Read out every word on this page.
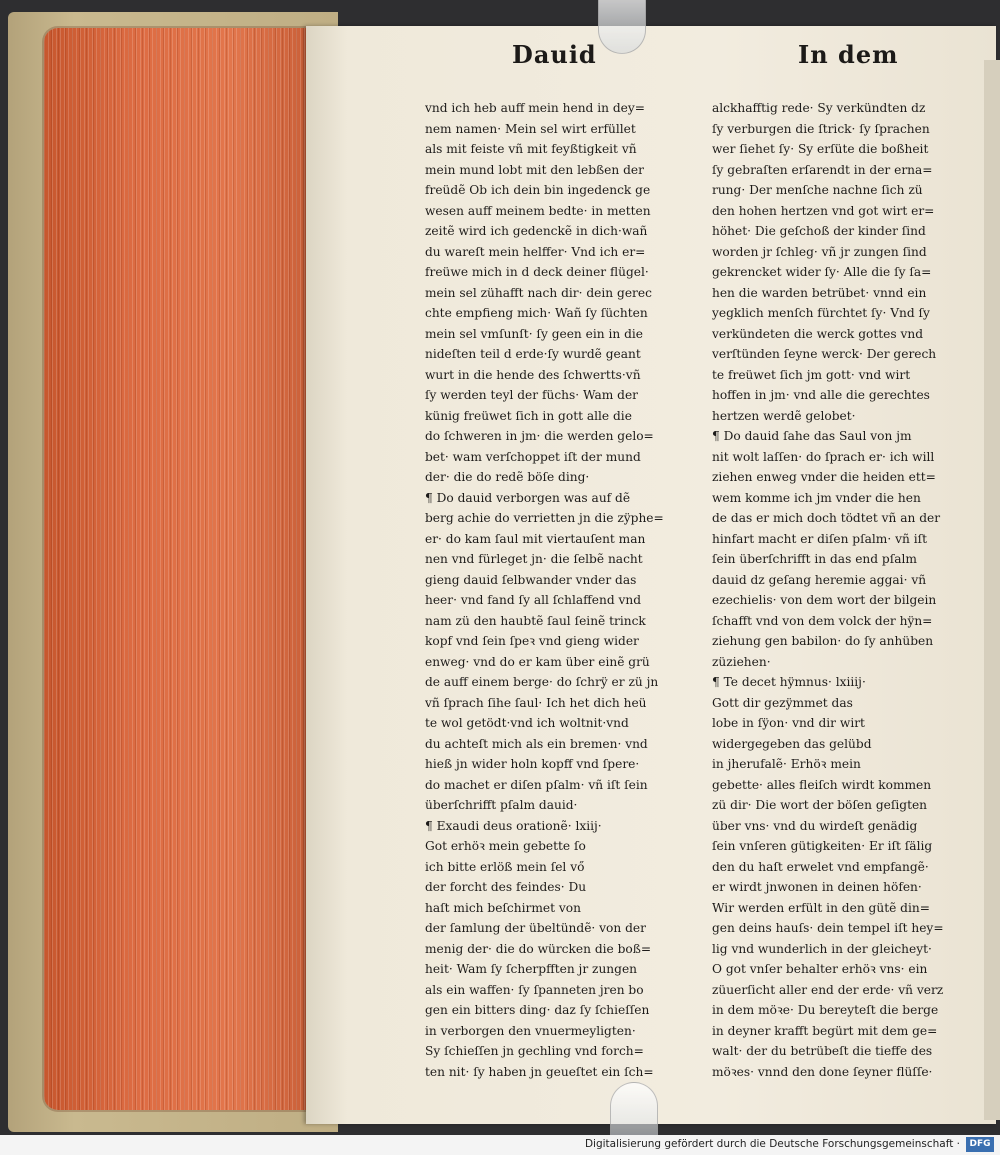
Dauid	In dem
vnd ich heb auff mein hend in dey=
nem namen· Mein sel wirt erfüllet
als mit feiste vñ mit feyßtigkeit vñ
mein mund lobt mit den lebßen der
freüdẽ Ob ich dein bin ingedenck ge
wesen auff meinem bedte· in metten
zeitẽ wird ich gedenckẽ in dich·wañ
du wareſt mein helffer· Vnd ich er=
freüwe mich in d deck deiner flügel·
mein sel zühafft nach dir· dein gerec
chte empfieng mich· Wañ ſy ſüchten
mein sel vmſunſt· ſy geen ein in die
nideſten teil d erde·ſy wurdẽ geant
wurt in die hende des ſchwertts·vñ
ſy werden teyl der füchs· Wam der
künig freüwet ſich in gott alle die
do ſchweren in jm· die werden gelo=
bet· wam verſchoppet iſt der mund
der· die do redẽ böſe ding·
¶ Do dauid verborgen was auf dẽ
berg achie do verrietten jn die zÿphe=
er· do kam ſaul mit viertauſent man
nen vnd fürleget jn· die ſelbẽ nacht
gieng dauid ſelbwander vnder das
heer· vnd fand ſy all ſchlaffend vnd
nam zü den haubtẽ ſaul ſeinẽ trinck
kopf vnd ſein ſpeꝛ vnd gieng wider
enweg· vnd do er kam über einẽ grü
de auff einem berge· do ſchrÿ er zü jn
vñ ſprach ſihe ſaul· Ich het dich heü
te wol getödt·vnd ich woltnit·vnd
du achteſt mich als ein bremen· vnd
hieß jn wider holn kopff vnd ſpere·
do machet er diſen pſalm· vñ iſt ſein
überſchrifft pſalm dauid·
¶ Exaudi deus orationẽ· lxiij·
Got erhöꝛ mein gebette ſo
ich bitte erlöß mein ſel vő
der forcht des feindes· Du
haſt mich beſchirmet von
der ſamlung der übeltündẽ· von der
menig der· die do würcken die boß=
heit· Wam ſy ſcherpfften jr zungen
als ein waffen· ſy ſpanneten jren bo
gen ein bitters ding· daz ſy ſchieſſen
in verborgen den vnuermeyligten·
Sy ſchieſſen jn gechling vnd forch=
ten nit· ſy haben jn geueſtet ein ſch=
alckhafftig rede· Sy verkündten dz
ſy verburgen die ſtrick· ſy ſprachen
wer ſiehet ſy· Sy erſüte die boßheit
ſy gebraſten erſarendt in der erna=
rung· Der menſche nachne ſich zü
den hohen hertzen vnd got wirt er=
höhet· Die geſchoß der kinder ſind
worden jr ſchleg· vñ jr zungen ſind
gekrencket wider ſy· Alle die ſy ſa=
hen die warden betrübet· vnnd ein
yegklich menſch fürchtet ſy· Vnd ſy
verkündeten die werck gottes vnd
verſtünden ſeyne werck· Der gerech
te freüwet ſich jm gott· vnd wirt
hoffen in jm· vnd alle die gerechtes
hertzen werdẽ gelobet·
¶ Do dauid ſahe das Saul von jm
nit wolt laſſen· do ſprach er· ich will
ziehen enweg vnder die heiden ett=
wem komme ich jm vnder die hen
de das er mich doch tödtet vñ an der
hinfart macht er diſen pſalm· vñ iſt
ſein überſchrifft in das end pſalm
dauid dz geſang heremie aggai· vñ
ezechielis· von dem wort der bilgein
ſchafft vnd von dem volck der hÿn=
ziehung gen babilon· do ſy anhüben
züziehen·
¶ Te decet hÿmnus· lxiiij·
Gott dir gezÿmmet das
lobe in ſÿon· vnd dir wirt
widergegeben das gelübd
in jherufalẽ· Erhöꝛ mein
gebette· alles fleiſch wirdt kommen
zü dir· Die wort der böſen geſigten
über vns· vnd du wirdeſt genädig
ſein vnſeren gütigkeiten· Er iſt ſälig
den du haſt erwelet vnd empfangẽ·
er wirdt jnwonen in deinen höfen·
Wir werden erfült in den gütẽ din=
gen deins hauſs· dein tempel iſt hey=
lig vnd wunderlich in der gleicheyt·
O got vnſer behalter erhöꝛ vns· ein
züuerſicht aller end der erde· vñ verz
in dem möꝛe· Du bereyteſt die berge
in deyner krafft begürt mit dem ge=
walt· der du betrübeſt die tieffe des
möꝛes· vnnd den done ſeyner flüſſe·
Digitalisierung gefördert durch die Deutsche Forschungsgemeinschaft ·	DFG
